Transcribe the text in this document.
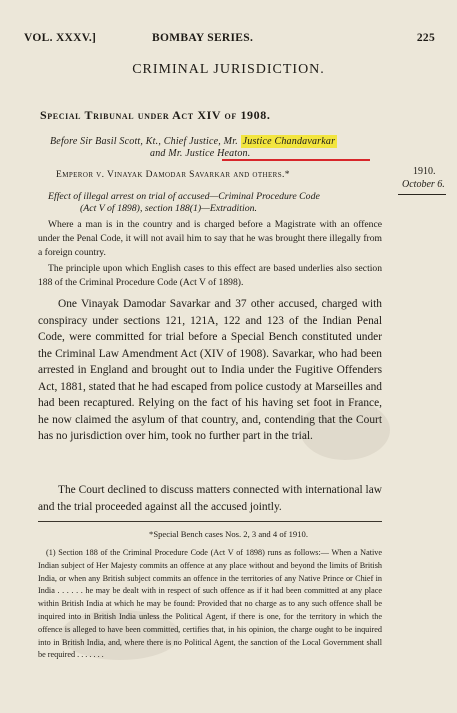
VOL. XXXV.]	BOMBAY SERIES.	225
CRIMINAL JURISDICTION.
Special Tribunal under Act XIV of 1908.
Before Sir Basil Scott, Kt., Chief Justice, Mr. Justice Chandavarkar
and Mr. Justice Heaton.
Emperor v. Vinayak Damodar Savarkar and others.*	1910.
October 6.
Effect of illegal arrest on trial of accused—Criminal Procedure Code
(Act V of 1898), section 188(1)—Extradition.

Where a man is in the country and is charged before a Magistrate with an offence under the Penal Code, it will not avail him to say that he was brought there illegally from a foreign country.

The principle upon which English cases to this effect are based underlies also section 188 of the Criminal Procedure Code (Act V of 1898).

One Vinayak Damodar Savarkar and 37 other accused, charged with conspiracy under sections 121, 121A, 122 and 123 of the Indian Penal Code, were committed for trial before a Special Bench constituted under the Criminal Law Amendment Act (XIV of 1908). Savarkar, who had been arrested in England and brought out to India under the Fugitive Offenders Act, 1881, stated that he had escaped from police custody at Marseilles and had been recaptured. Relying on the fact of his having set foot in France, he now claimed the asylum of that country, and, contending that the Court has no jurisdiction over him, took no further part in the trial.

The Court declined to discuss matters connected with international law and the trial proceeded against all the accused jointly.

*Special Bench cases Nos. 2, 3 and 4 of 1910.

(1) Section 188 of the Criminal Procedure Code (Act V of 1898) runs as follows:— When a Native Indian subject of Her Majesty commits an offence at any place without and beyond the limits of British India, or when any British subject commits an offence in the territories of any Native Prince or Chief in India . . . . . . he may be dealt with in respect of such offence as if it had been committed at any place within British India at which he may be found: Provided that no charge as to any such offence shall be inquired into in British India unless the Political Agent, if there is one, for the territory in which the offence is alleged to have been committed, certifies that, in his opinion, the charge ought to be inquired into in British India, and, where there is no Political Agent, the sanction of the Local Government shall be required . . . . . . .
